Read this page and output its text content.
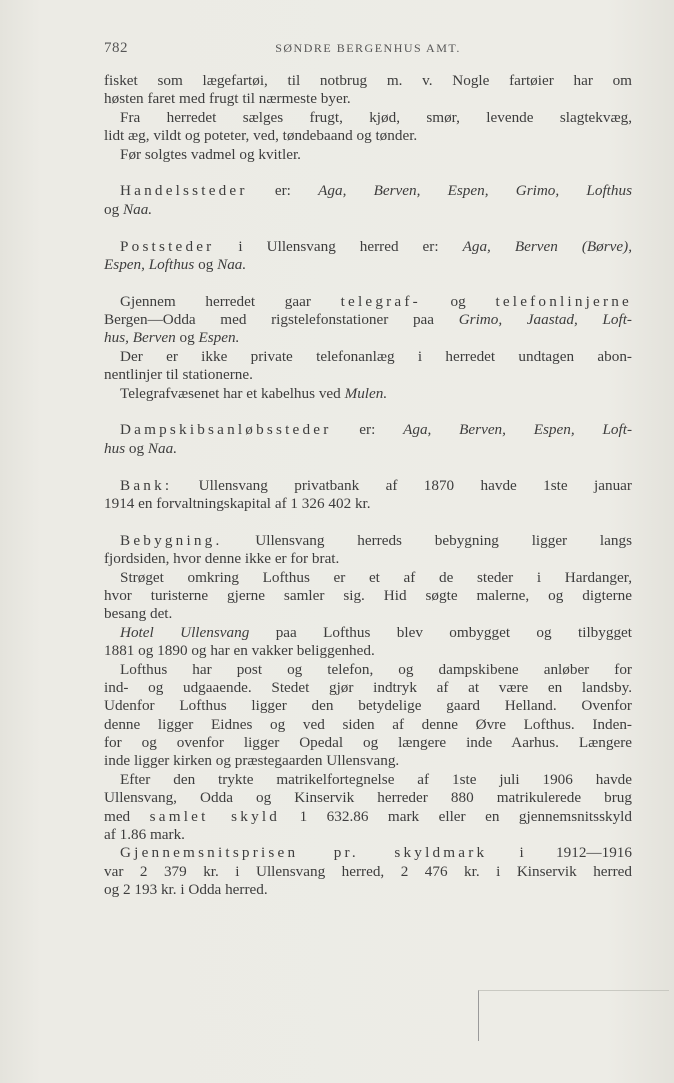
782	SØNDRE BERGENHUS AMT.
fisket som lægefartøi, til notbrug m. v. Nogle fartøier har om
høsten faret med frugt til nærmeste byer.
Fra herredet sælges frugt, kjød, smør, levende slagtekvæg,
lidt æg, vildt og poteter, ved, tøndebaand og tønder.
Før solgtes vadmel og kvitler.
Handelssteder er: Aga, Berven, Espen, Grimo, Lofthus
og Naa.
Poststeder i Ullensvang herred er: Aga, Berven (Børve),
Espen, Lofthus og Naa.
Gjennem herredet gaar telegraf- og telefonlinjerne
Bergen—Odda med rigstelefonstationer paa Grimo, Jaastad, Loft-
hus, Berven og Espen.
Der er ikke private telefonanlæg i herredet undtagen abon-
nentlinjer til stationerne.
Telegrafvæsenet har et kabelhus ved Mulen.
Dampskibsanløbssteder er: Aga, Berven, Espen, Loft-
hus og Naa.
Bank: Ullensvang privatbank af 1870 havde 1ste januar
1914 en forvaltningskapital af 1 326 402 kr.
Bebygning. Ullensvang herreds bebygning ligger langs
fjordsiden, hvor denne ikke er for brat.
Strøget omkring Lofthus er et af de steder i Hardanger,
hvor turisterne gjerne samler sig. Hid søgte malerne, og digterne
besang det.
Hotel Ullensvang paa Lofthus blev ombygget og tilbygget
1881 og 1890 og har en vakker beliggenhed.
Lofthus har post og telefon, og dampskibene anløber for
ind- og udgaaende. Stedet gjør indtryk af at være en landsby.
Udenfor Lofthus ligger den betydelige gaard Helland. Ovenfor
denne ligger Eidnes og ved siden af denne Øvre Lofthus. Inden-
for og ovenfor ligger Opedal og længere inde Aarhus. Længere
inde ligger kirken og præstegaarden Ullensvang.
Efter den trykte matrikelfortegnelse af 1ste juli 1906 havde
Ullensvang, Odda og Kinservik herreder 880 matrikulerede brug
med samlet skyld 1 632.86 mark eller en gjennemsnitsskyld
af 1.86 mark.
Gjennemsnitsprisen pr. skyldmark i 1912—1916
var 2 379 kr. i Ullensvang herred, 2 476 kr. i Kinservik herred
og 2 193 kr. i Odda herred.
